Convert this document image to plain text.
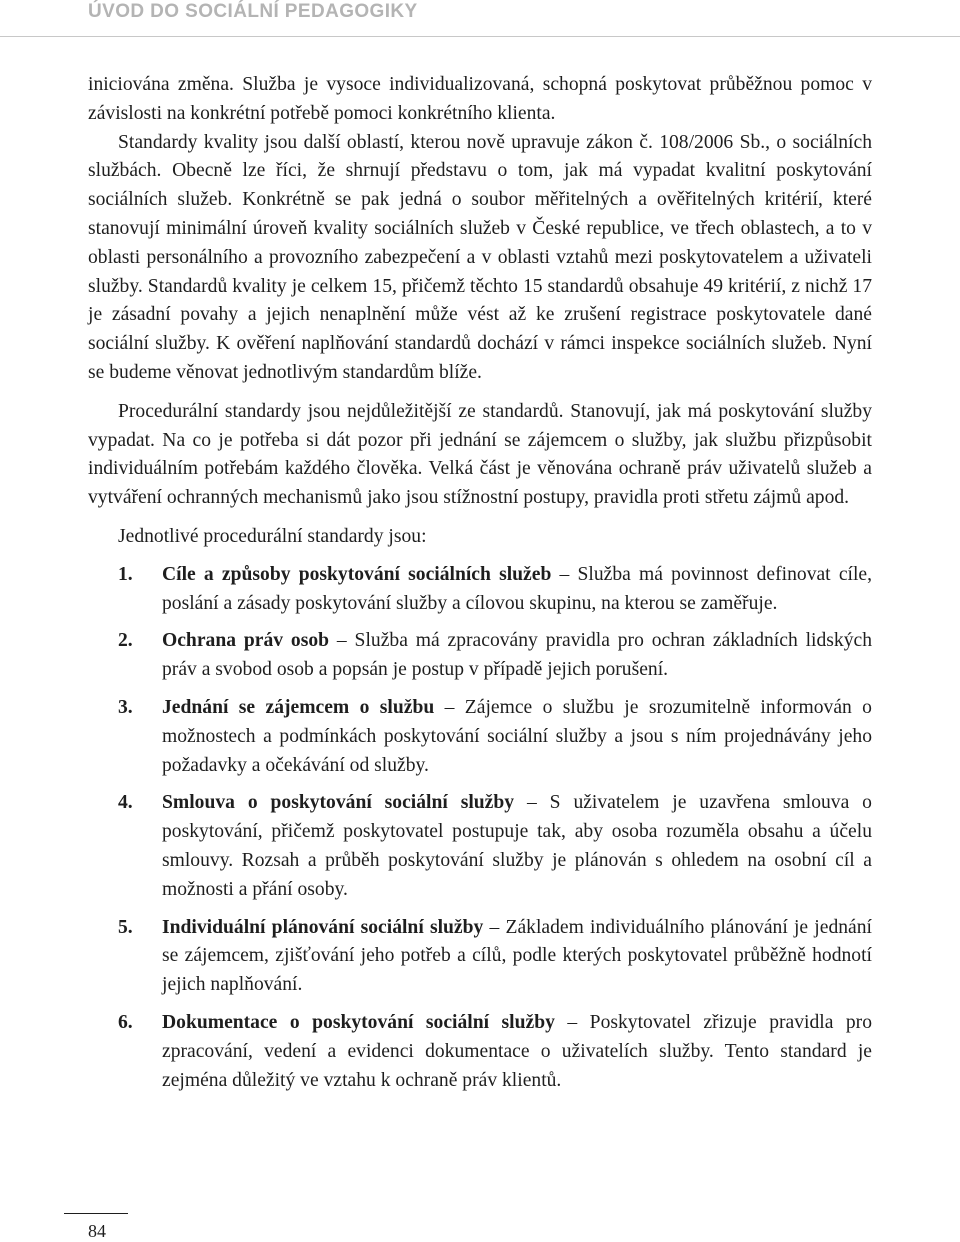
ÚVOD DO SOCIÁLNÍ PEDAGOGIKY

iniciována změna. Služba je vysoce individualizovaná, schopná poskytovat průběžnou pomoc v závislosti na konkrétní potřebě pomoci konkrétního klienta.

Standardy kvality jsou další oblastí, kterou nově upravuje zákon č. 108/2006 Sb., o sociálních službách. Obecně lze říci, že shrnují představu o tom, jak má vypadat kvalitní poskytování sociálních služeb. Konkrétně se pak jedná o soubor měřitelných a ověřitelných kritérií, které stanovují minimální úroveň kvality sociálních služeb v České republice, ve třech oblastech, a to v oblasti personálního a provozního zabezpečení a v oblasti vztahů mezi poskytovatelem a uživateli služby. Standardů kvality je celkem 15, přičemž těchto 15 standardů obsahuje 49 kritérií, z nichž 17 je zásadní povahy a jejich nenaplnění může vést až ke zrušení registrace poskytovatele dané sociální služby. K ověření naplňování standardů dochází v rámci inspekce sociálních služeb. Nyní se budeme věnovat jednotlivým standardům blíže.

Procedurální standardy jsou nejdůležitější ze standardů. Stanovují, jak má poskytování služby vypadat. Na co je potřeba si dát pozor při jednání se zájemcem o služby, jak službu přizpůsobit individuálním potřebám každého člověka. Velká část je věnována ochraně práv uživatelů služeb a vytváření ochranných mechanismů jako jsou stížnostní postupy, pravidla proti střetu zájmů apod.

Jednotlivé procedurální standardy jsou:

1. Cíle a způsoby poskytování sociálních služeb – Služba má povinnost definovat cíle, poslání a zásady poskytování služby a cílovou skupinu, na kterou se zaměřuje.
2. Ochrana práv osob – Služba má zpracovány pravidla pro ochran základních lidských práv a svobod osob a popsán je postup v případě jejich porušení.
3. Jednání se zájemcem o službu – Zájemce o službu je srozumitelně informován o možnostech a podmínkách poskytování sociální služby a jsou s ním projednávány jeho požadavky a očekávání od služby.
4. Smlouva o poskytování sociální služby – S uživatelem je uzavřena smlouva o poskytování, přičemž poskytovatel postupuje tak, aby osoba rozuměla obsahu a účelu smlouvy. Rozsah a průběh poskytování služby je plánován s ohledem na osobní cíl a možnosti a přání osoby.
5. Individuální plánování sociální služby – Základem individuálního plánování je jednání se zájemcem, zjišťování jeho potřeb a cílů, podle kterých poskytovatel průběžně hodnotí jejich naplňování.
6. Dokumentace o poskytování sociální služby – Poskytovatel zřizuje pravidla pro zpracování, vedení a evidenci dokumentace o uživatelích služby. Tento standard je zejména důležitý ve vztahu k ochraně práv klientů.
84
